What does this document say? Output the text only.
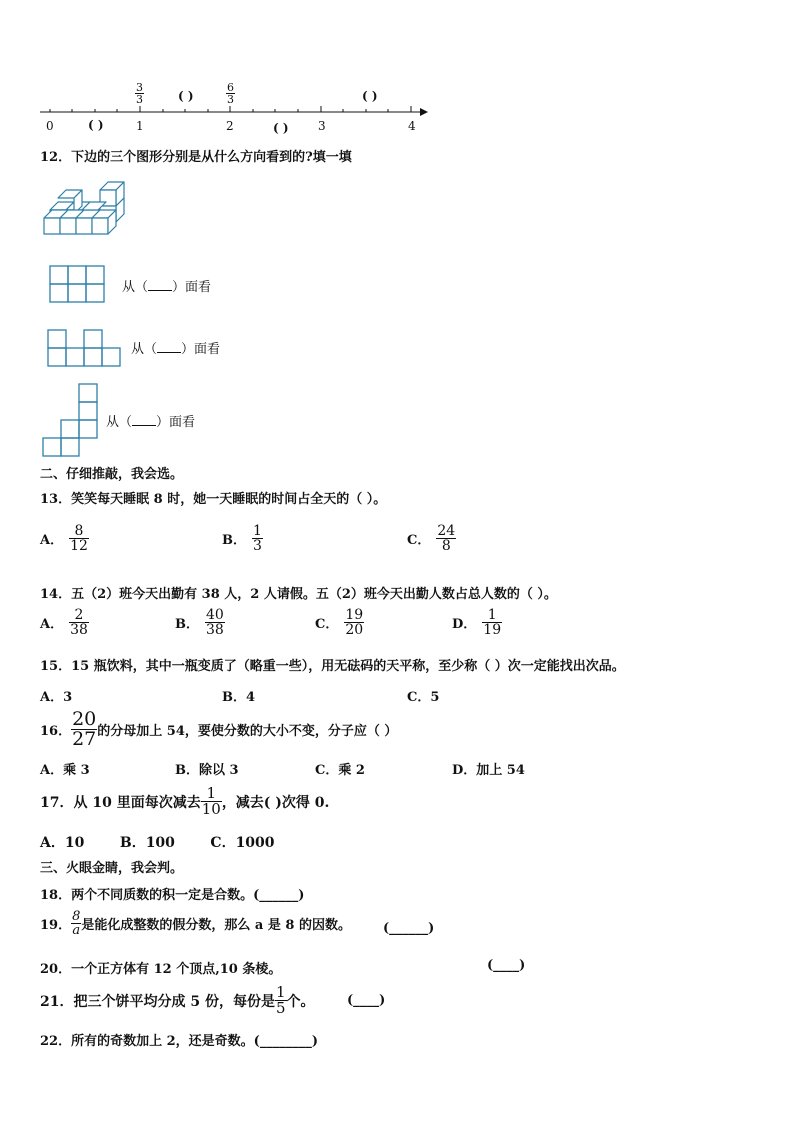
0	1	2	3	4
( )
( )
( )
( )
$\frac{3}{3}$	$\frac{6}{3}$
12．下边的三个图形分别是从什么方向看到的?填一填
从（ ）面看
从（ ）面看
从（ ）面看
二、仔细推敲，我会选。
13．笑笑每天睡眠 8 时，她一天睡眠的时间占全天的（ ）。
A． $\frac{8}{12}$	B． $\frac{1}{3}$	C． $\frac{24}{8}$
14．五（2）班今天出勤有 38 人，2 人请假。五（2）班今天出勤人数占总人数的（ ）。
A． $\frac{2}{38}$	B． $\frac{40}{38}$	C． $\frac{19}{20}$	D． $\frac{1}{19}$
15．15 瓶饮料，其中一瓶变质了（略重一些），用无砝码的天平称，至少称（ ）次一定能找出次品。
A．3	B．4	C．5
16． $\frac{20}{27}$ 的分母加上 54，要使分数的大小不变，分子应（ ）
A．乘 3	B．除以 3	C．乘 2	D．加上 54
17．从 10 里面每次减去 $\frac{1}{10}$ ，减去( )次得 0.
A．10	B．100	C．1000
三、火眼金睛，我会判。
18．两个不同质数的积一定是合数。(______)
19． $\frac{8}{a}$ 是能化成整数的假分数，那么 a 是 8 的因数。 (______)
20．一个正方体有 12 个顶点,10 条棱。	(____)
21．把三个饼平均分成 5 份，每份是 $\frac{1}{5}$ 个。 (____)
22．所有的奇数加上 2，还是奇数。(________)
